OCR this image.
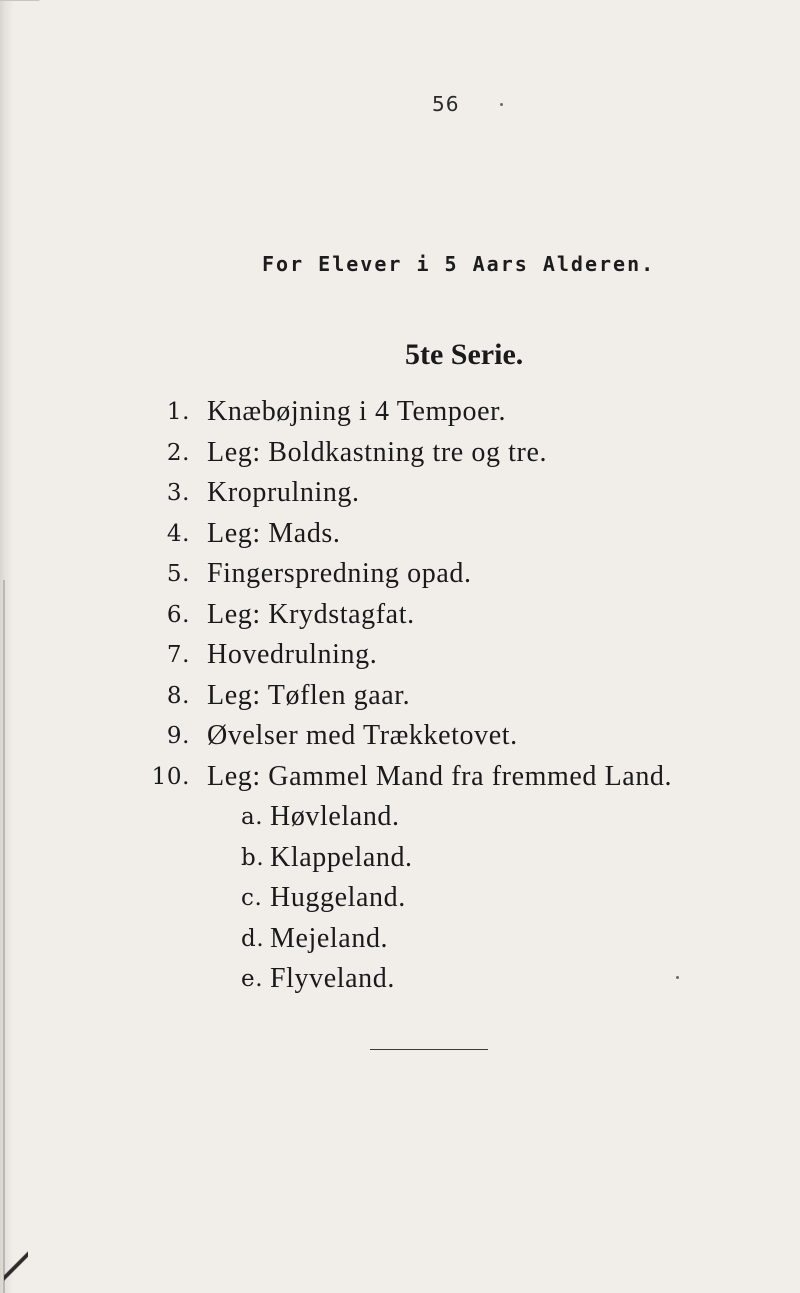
56
For Elever i 5 Aars Alderen.
5te Serie.
1. Knæbøjning i 4 Tempoer.
2. Leg: Boldkastning tre og tre.
3. Kroprulning.
4. Leg: Mads.
5. Fingerspredning opad.
6. Leg: Krydstagfat.
7. Hovedrulning.
8. Leg: Tøflen gaar.
9. Øvelser med Trækketovet.
10. Leg: Gammel Mand fra fremmed Land.
a. Høvleland.
b. Klappeland.
c. Huggeland.
d. Mejeland.
e. Flyveland.
